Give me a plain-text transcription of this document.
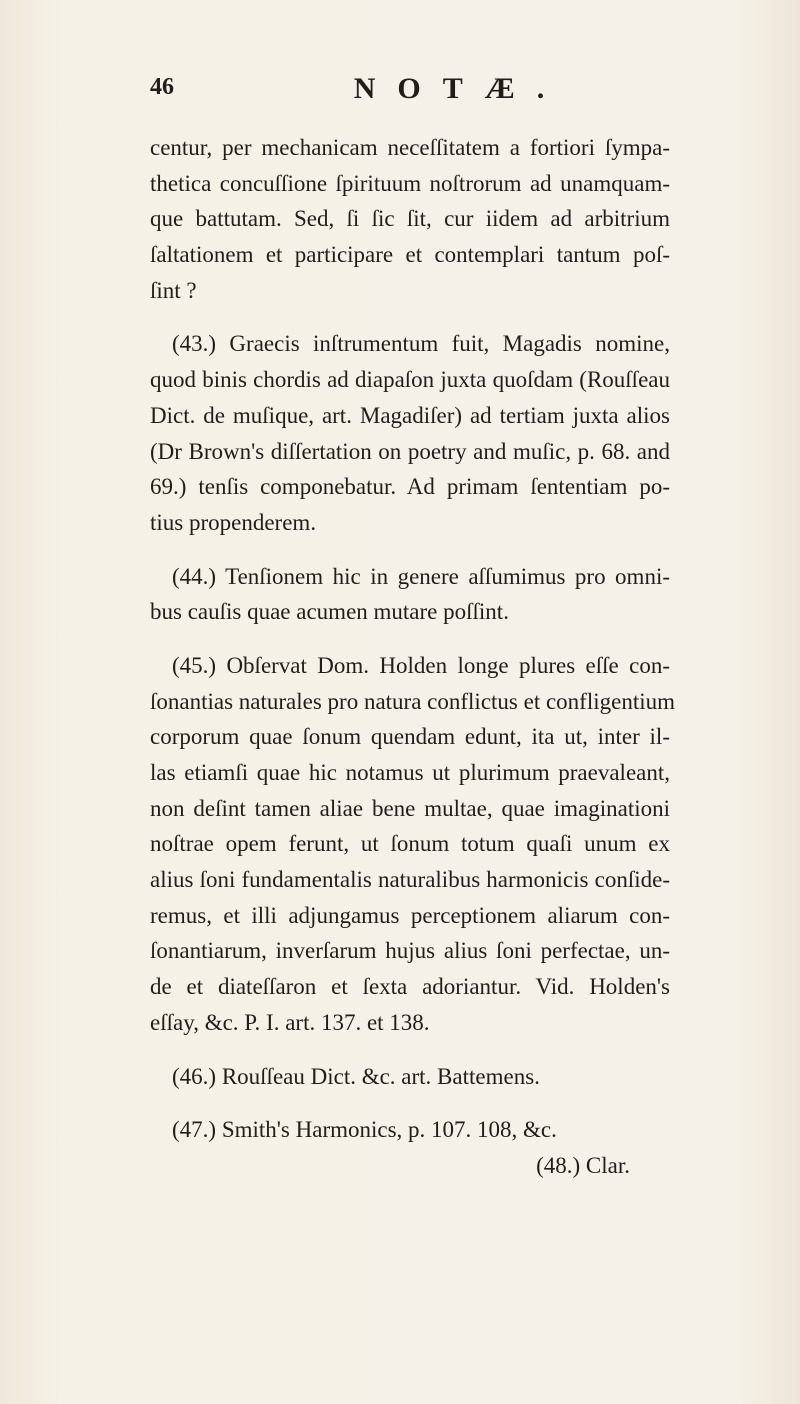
46	NOTÆ.
centur, per mechanicam neceſſitatem a fortiori ſympa-
thetica concuſſione ſpirituum noſtrorum ad unamquam-
que battutam. Sed, ſi ſic ſit, cur iidem ad arbitrium
ſaltationem et participare et contemplari tantum poſ-
ſint ?
(43.) Graecis inſtrumentum fuit, Magadis nomine,
quod binis chordis ad diapaſon juxta quoſdam (Rouſſeau
Dict. de muſique, art. Magadiſer) ad tertiam juxta alios
(Dr Brown's diſſertation on poetry and muſic, p. 68. and
69.) tenſis componebatur. Ad primam ſententiam po-
tius propenderem.
(44.) Tenſionem hic in genere aſſumimus pro omni-
bus cauſis quae acumen mutare poſſint.
(45.) Obſervat Dom. Holden longe plures eſſe con-
ſonantias naturales pro natura conflictus et confligentium
corporum quae ſonum quendam edunt, ita ut, inter il-
las etiamſi quae hic notamus ut plurimum praevaleant,
non deſint tamen aliae bene multae, quae imaginationi
noſtrae opem ferunt, ut ſonum totum quaſi unum ex
alius ſoni fundamentalis naturalibus harmonicis conſide-
remus, et illi adjungamus perceptionem aliarum con-
ſonantiarum, inverſarum hujus alius ſoni perfectae, un-
de et diateſſaron et ſexta adoriantur. Vid. Holden's
eſſay, &c. P. I. art. 137. et 138.
(46.) Rouſſeau Dict. &c. art. Battemens.
(47.) Smith's Harmonics, p. 107. 108, &c.
(48.) Clar.
